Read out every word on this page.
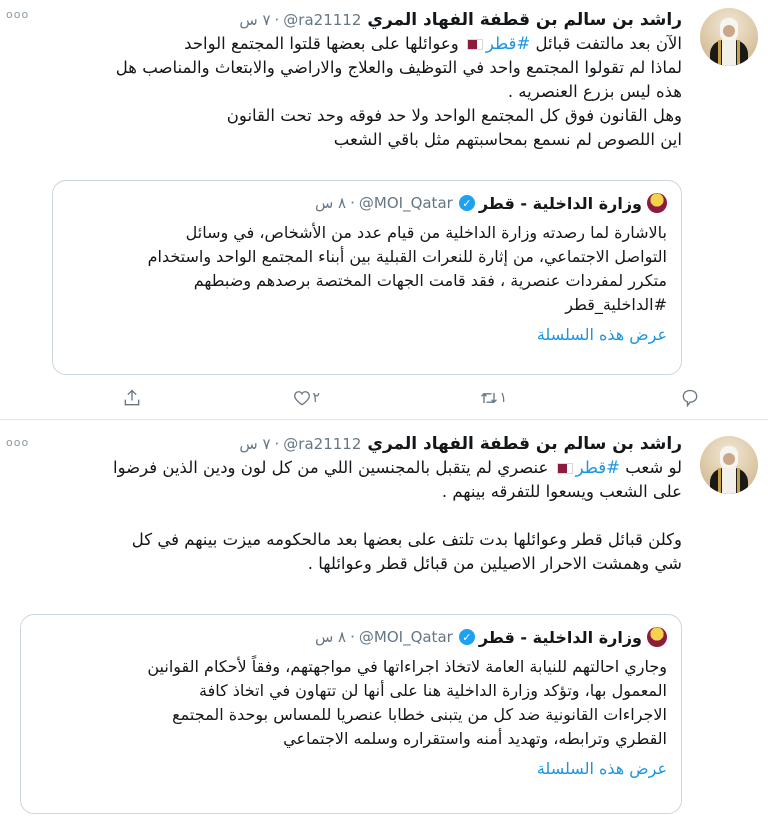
ooo	راشد بن سالم بن قطفة الفهاد المري
@ra21112
·
٧ س
الآن بعد مالتفت قبائل #قطر وعوائلها على بعضها قلتوا المجتمع الواحد
لماذا لم تقولوا المجتمع واحد في التوظيف والعلاج والاراضي والابتعاث والمناصب هل
هذه ليس بزرع العنصريه .
وهل القانون فوق كل المجتمع الواحد ولا حد فوقه وحد تحت القانون
اين اللصوص لم نسمع بمحاسبتهم مثل باقي الشعب
وزارة الداخلية - قطر
✓
@MOI_Qatar
·
٨ س
بالاشارة لما رصدته وزارة الداخلية من قيام عدد من الأشخاص، في وسائل
التواصل الاجتماعي، من إثارة للنعرات القبلية بين أبناء المجتمع الواحد واستخدام
متكرر لمفردات عنصرية ، فقد قامت الجهات المختصة برصدهم وضبطهم
#الداخلية_قطر
عرض هذه السلسلة
١
٢
ooo	راشد بن سالم بن قطفة الفهاد المري
@ra21112
·
٧ س
لو شعب #قطر عنصري لم يتقبل بالمجنسين اللي من كل لون ودين الذين فرضوا
على الشعب ويسعوا للتفرقه بينهم .
وكلن قبائل قطر وعوائلها بدت تلتف على بعضها بعد مالحكومه ميزت بينهم في كل
شي وهمشت الاحرار الاصيلين من قبائل قطر وعوائلها .
وزارة الداخلية - قطر
✓
@MOI_Qatar
·
٨ س
وجاري احالتهم للنيابة العامة لاتخاذ اجراءاتها في مواجهتهم، وفقاً لأحكام القوانين
المعمول بها، وتؤكد وزارة الداخلية هنا على أنها لن تتهاون في اتخاذ كافة
الاجراءات القانونية ضد كل من يتبنى خطابا عنصريا للمساس بوحدة المجتمع
القطري وترابطه، وتهديد أمنه واستقراره وسلمه الاجتماعي
عرض هذه السلسلة
